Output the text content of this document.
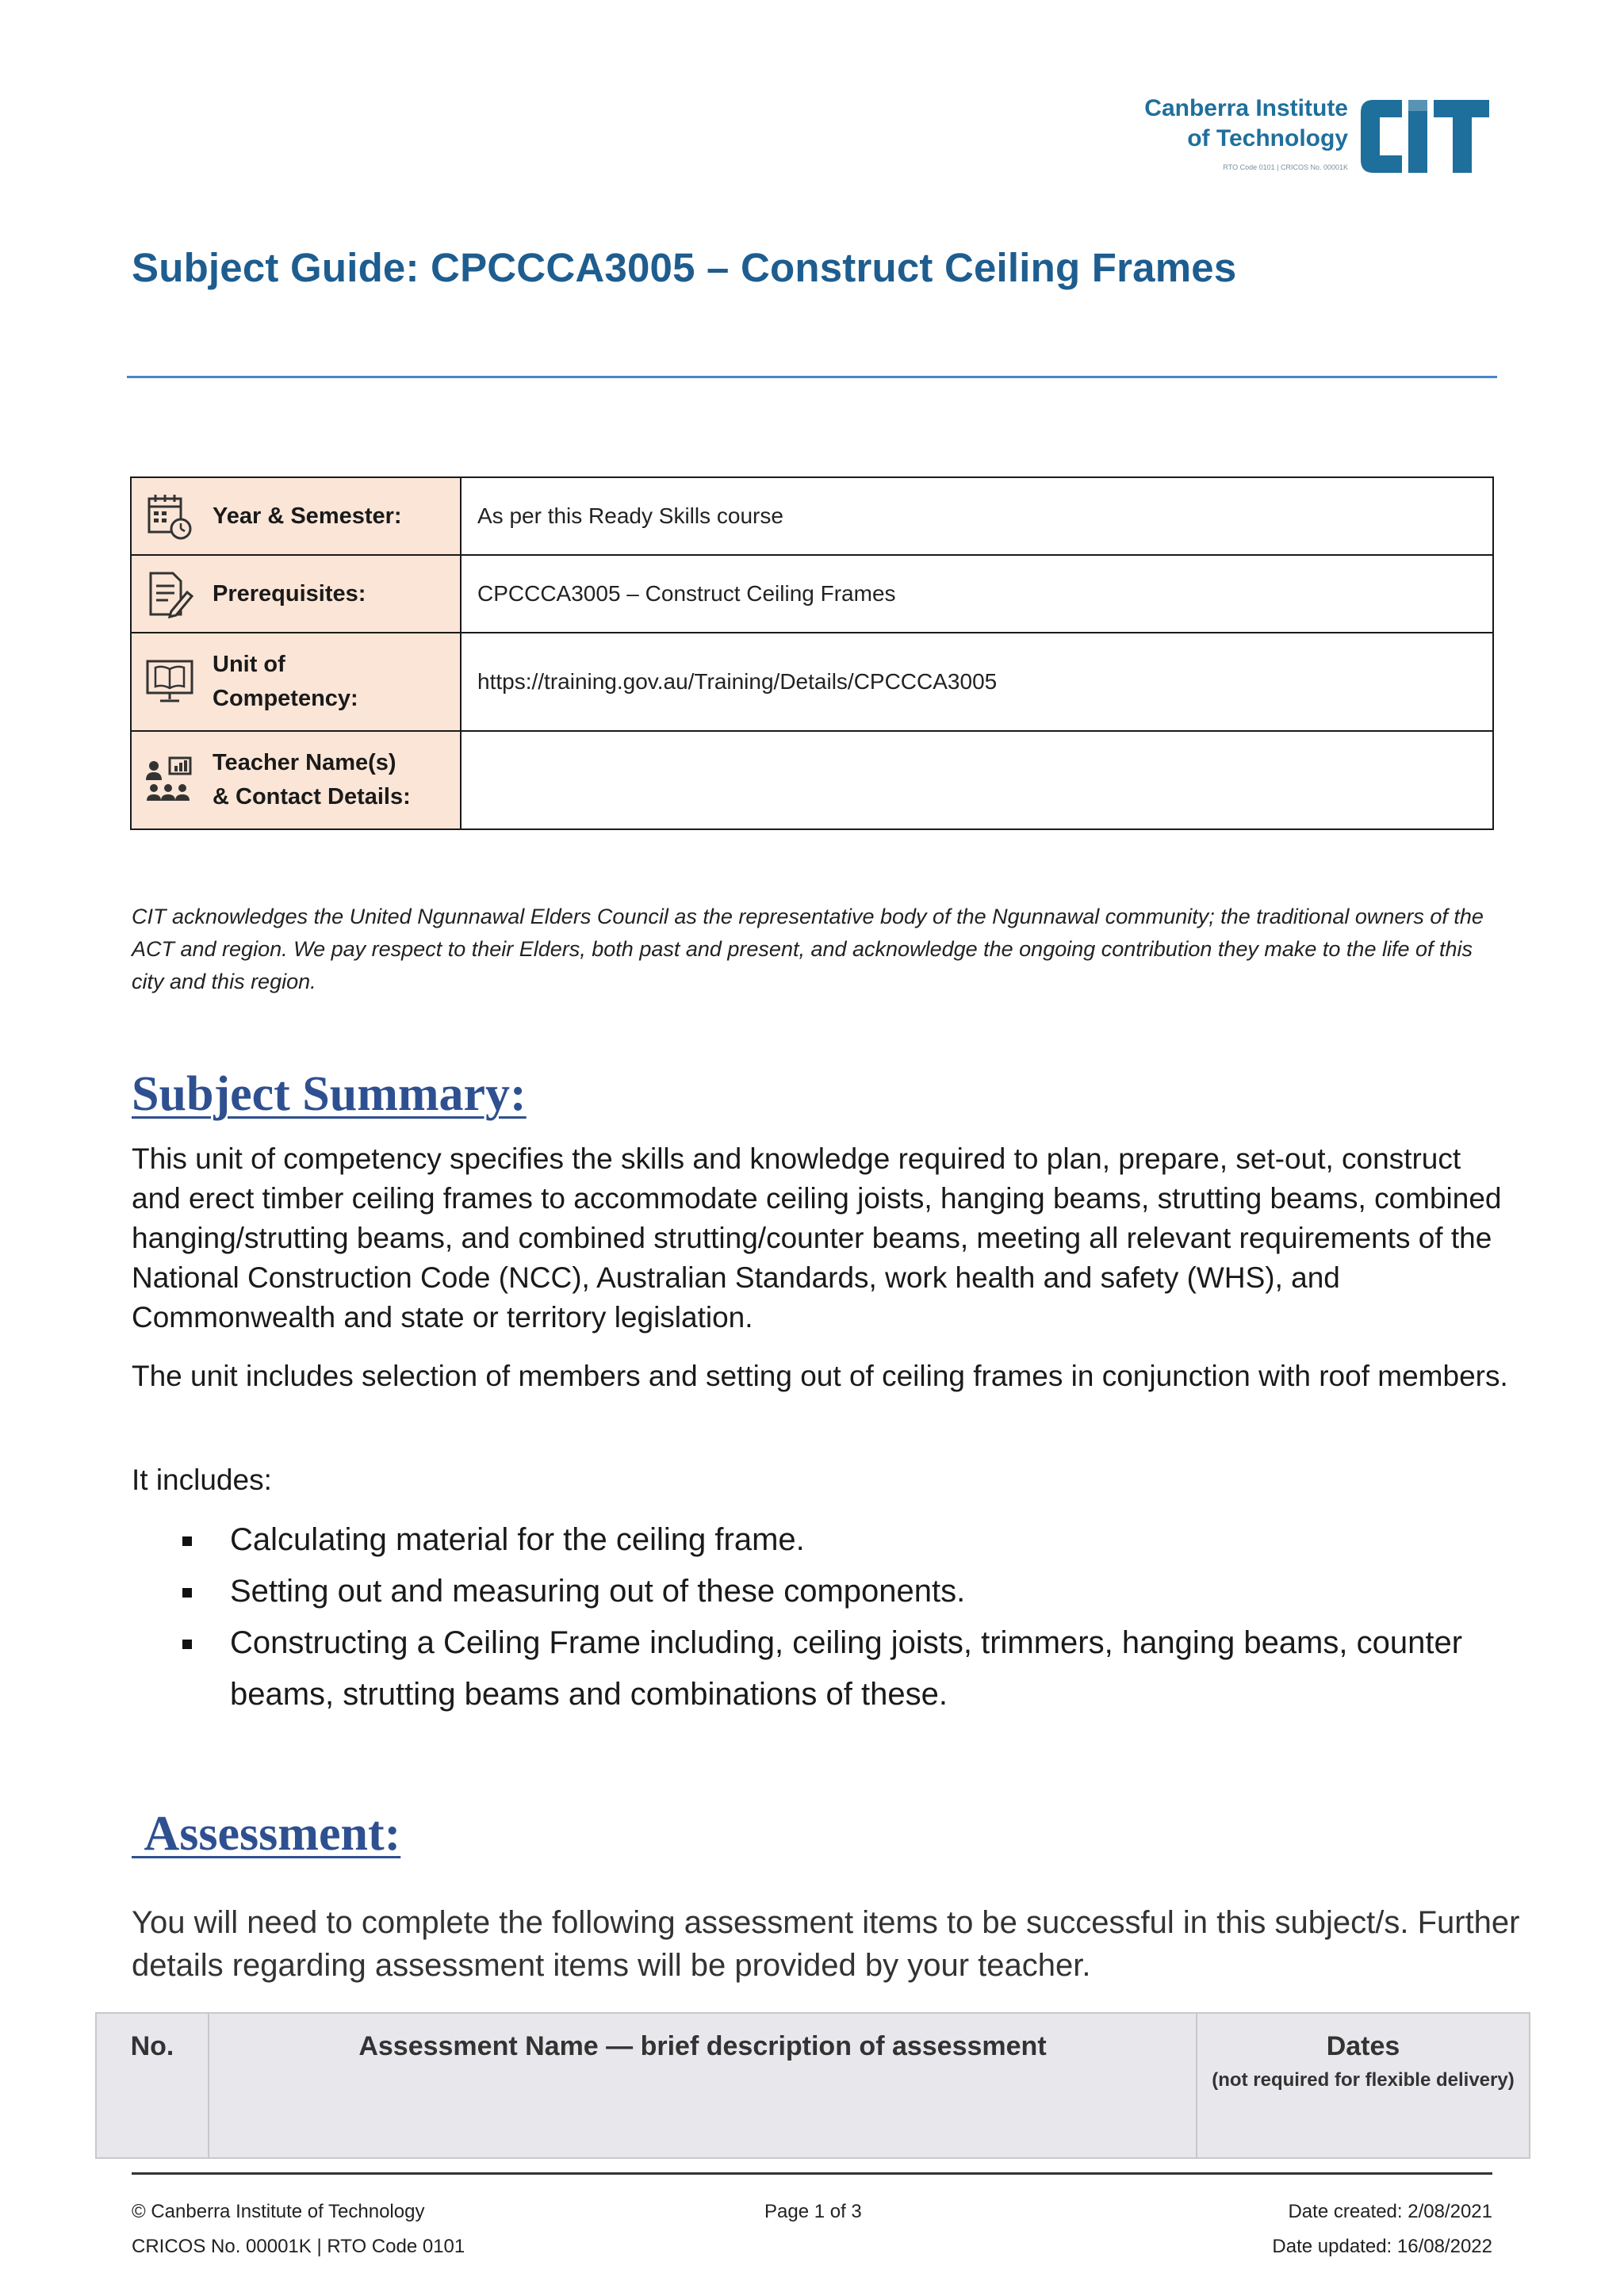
Canberra Institute
of Technology
RTO Code 0101 | CRICOS No. 00001K
Subject Guide: CPCCCA3005 – Construct Ceiling Frames
Year & Semester:	As per this Ready Skills course

Prerequisites:	CPCCCA3005 – Construct Ceiling Frames

Unit of
Competency:	https://training.gov.au/Training/Details/CPCCCA3005

Teacher Name(s)
& Contact Details:	

CIT acknowledges the United Ngunnawal Elders Council as the representative body of the Ngunnawal community; the traditional owners of the ACT and region. We pay respect to their Elders, both past and present, and acknowledge the ongoing contribution they make to the life of this city and this region.
Subject Summary:
This unit of competency specifies the skills and knowledge required to plan, prepare, set-out, construct and erect timber ceiling frames to accommodate ceiling joists, hanging beams, strutting beams, combined hanging/strutting beams, and combined strutting/counter beams, meeting all relevant requirements of the National Construction Code (NCC), Australian Standards, work health and safety (WHS), and Commonwealth and state or territory legislation.
The unit includes selection of members and setting out of ceiling frames in conjunction with roof members.
It includes:
Calculating material for the ceiling frame.
Setting out and measuring out of these components.
Constructing a Ceiling Frame including, ceiling joists, trimmers, hanging beams, counter beams, strutting beams and combinations of these.
Assessment:
You will need to complete the following assessment items to be successful in this subject/s. Further details regarding assessment items will be provided by your teacher.
No.	Assessment Name — brief description of assessment	Dates
(not required for flexible delivery)
© Canberra Institute of Technology
CRICOS No. 00001K | RTO Code 0101
Page 1 of 3	Date created: 2/08/2021
Date updated: 16/08/2022
